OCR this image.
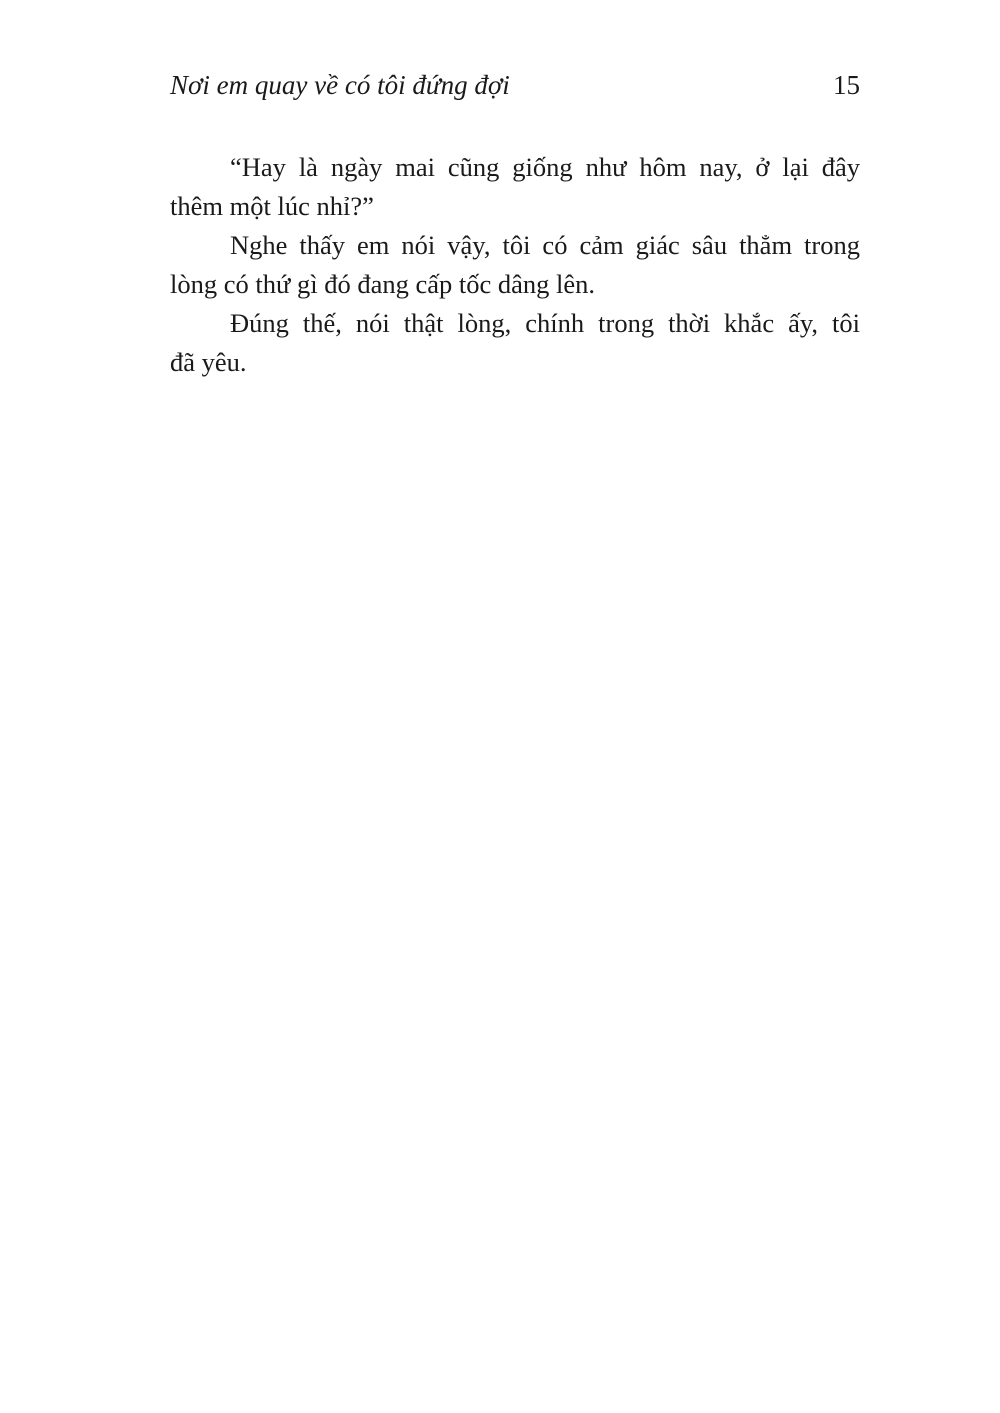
Nơi em quay về có tôi đứng đợi	15
“Hay là ngày mai cũng giống như hôm nay, ở lại đây
thêm một lúc nhỉ?”
Nghe thấy em nói vậy, tôi có cảm giác sâu thẳm trong
lòng có thứ gì đó đang cấp tốc dâng lên.
Đúng thế, nói thật lòng, chính trong thời khắc ấy, tôi
đã yêu.
